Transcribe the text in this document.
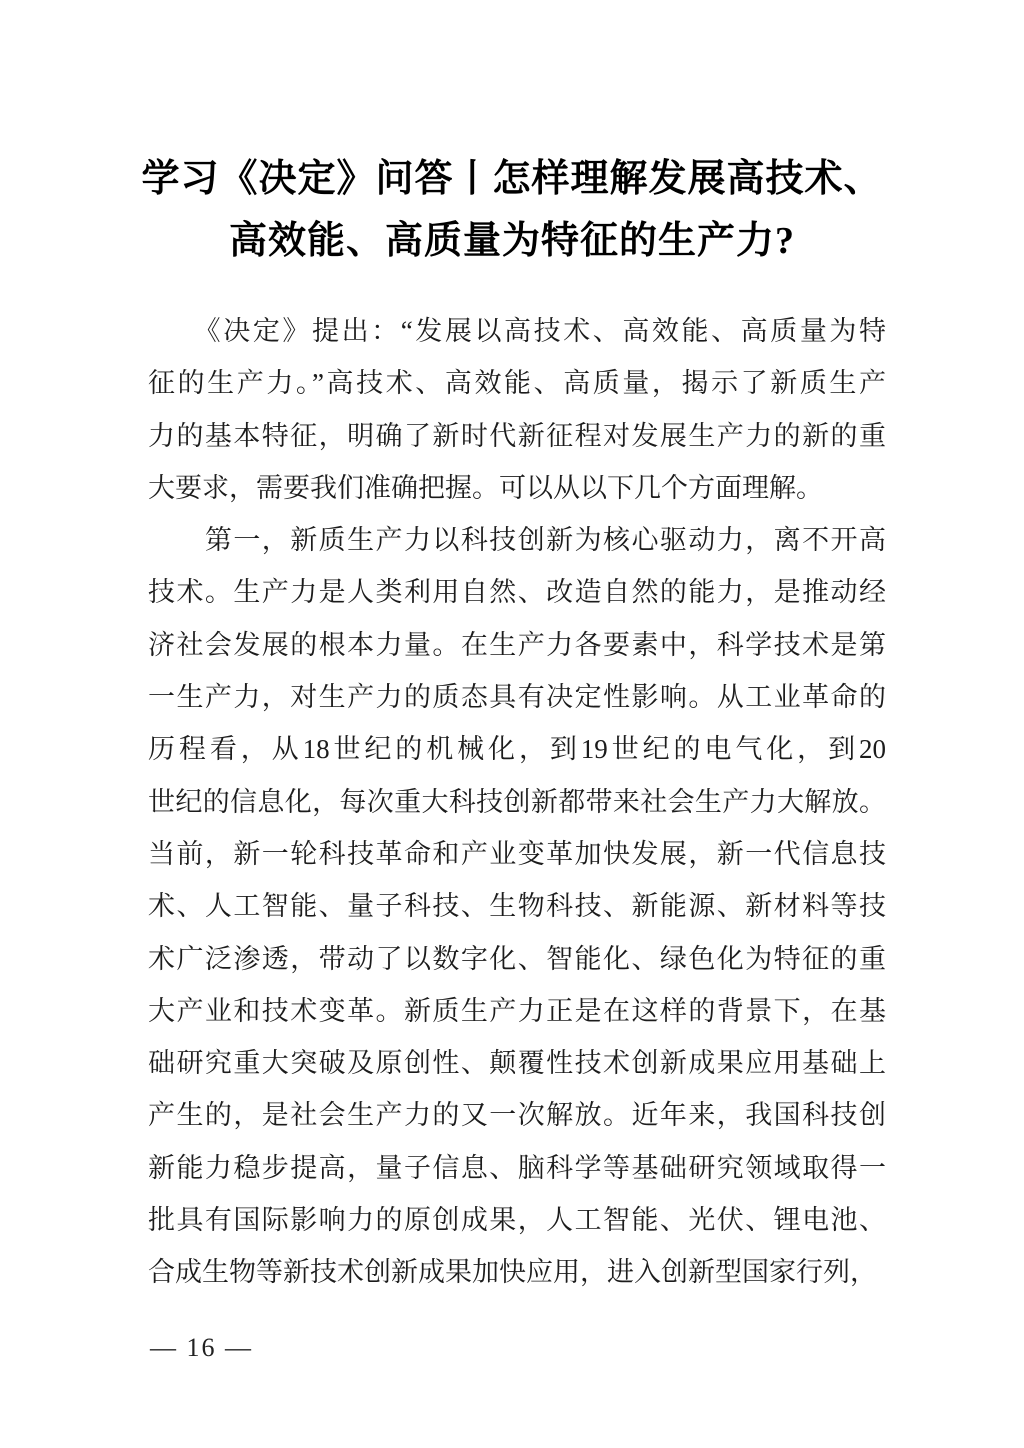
学习《决定》问答丨怎样理解发展高技术、
高效能、高质量为特征的生产力?
　　《决定》提出：“发展以高技术、高效能、高质量为特
征的生产力。”高技术、高效能、高质量，揭示了新质生产
力的基本特征，明确了新时代新征程对发展生产力的新的重
大要求，需要我们准确把握。可以从以下几个方面理解。
　　第一，新质生产力以科技创新为核心驱动力，离不开高
技术。生产力是人类利用自然、改造自然的能力，是推动经
济社会发展的根本力量。在生产力各要素中，科学技术是第
一生产力，对生产力的质态具有决定性影响。从工业革命的
历程看，从18世纪的机械化，到19世纪的电气化，到20
世纪的信息化，每次重大科技创新都带来社会生产力大解放。
当前，新一轮科技革命和产业变革加快发展，新一代信息技
术、人工智能、量子科技、生物科技、新能源、新材料等技
术广泛渗透，带动了以数字化、智能化、绿色化为特征的重
大产业和技术变革。新质生产力正是在这样的背景下，在基
础研究重大突破及原创性、颠覆性技术创新成果应用基础上
产生的，是社会生产力的又一次解放。近年来，我国科技创
新能力稳步提高，量子信息、脑科学等基础研究领域取得一
批具有国际影响力的原创成果，人工智能、光伏、锂电池、
合成生物等新技术创新成果加快应用，进入创新型国家行列，
— 16 —
